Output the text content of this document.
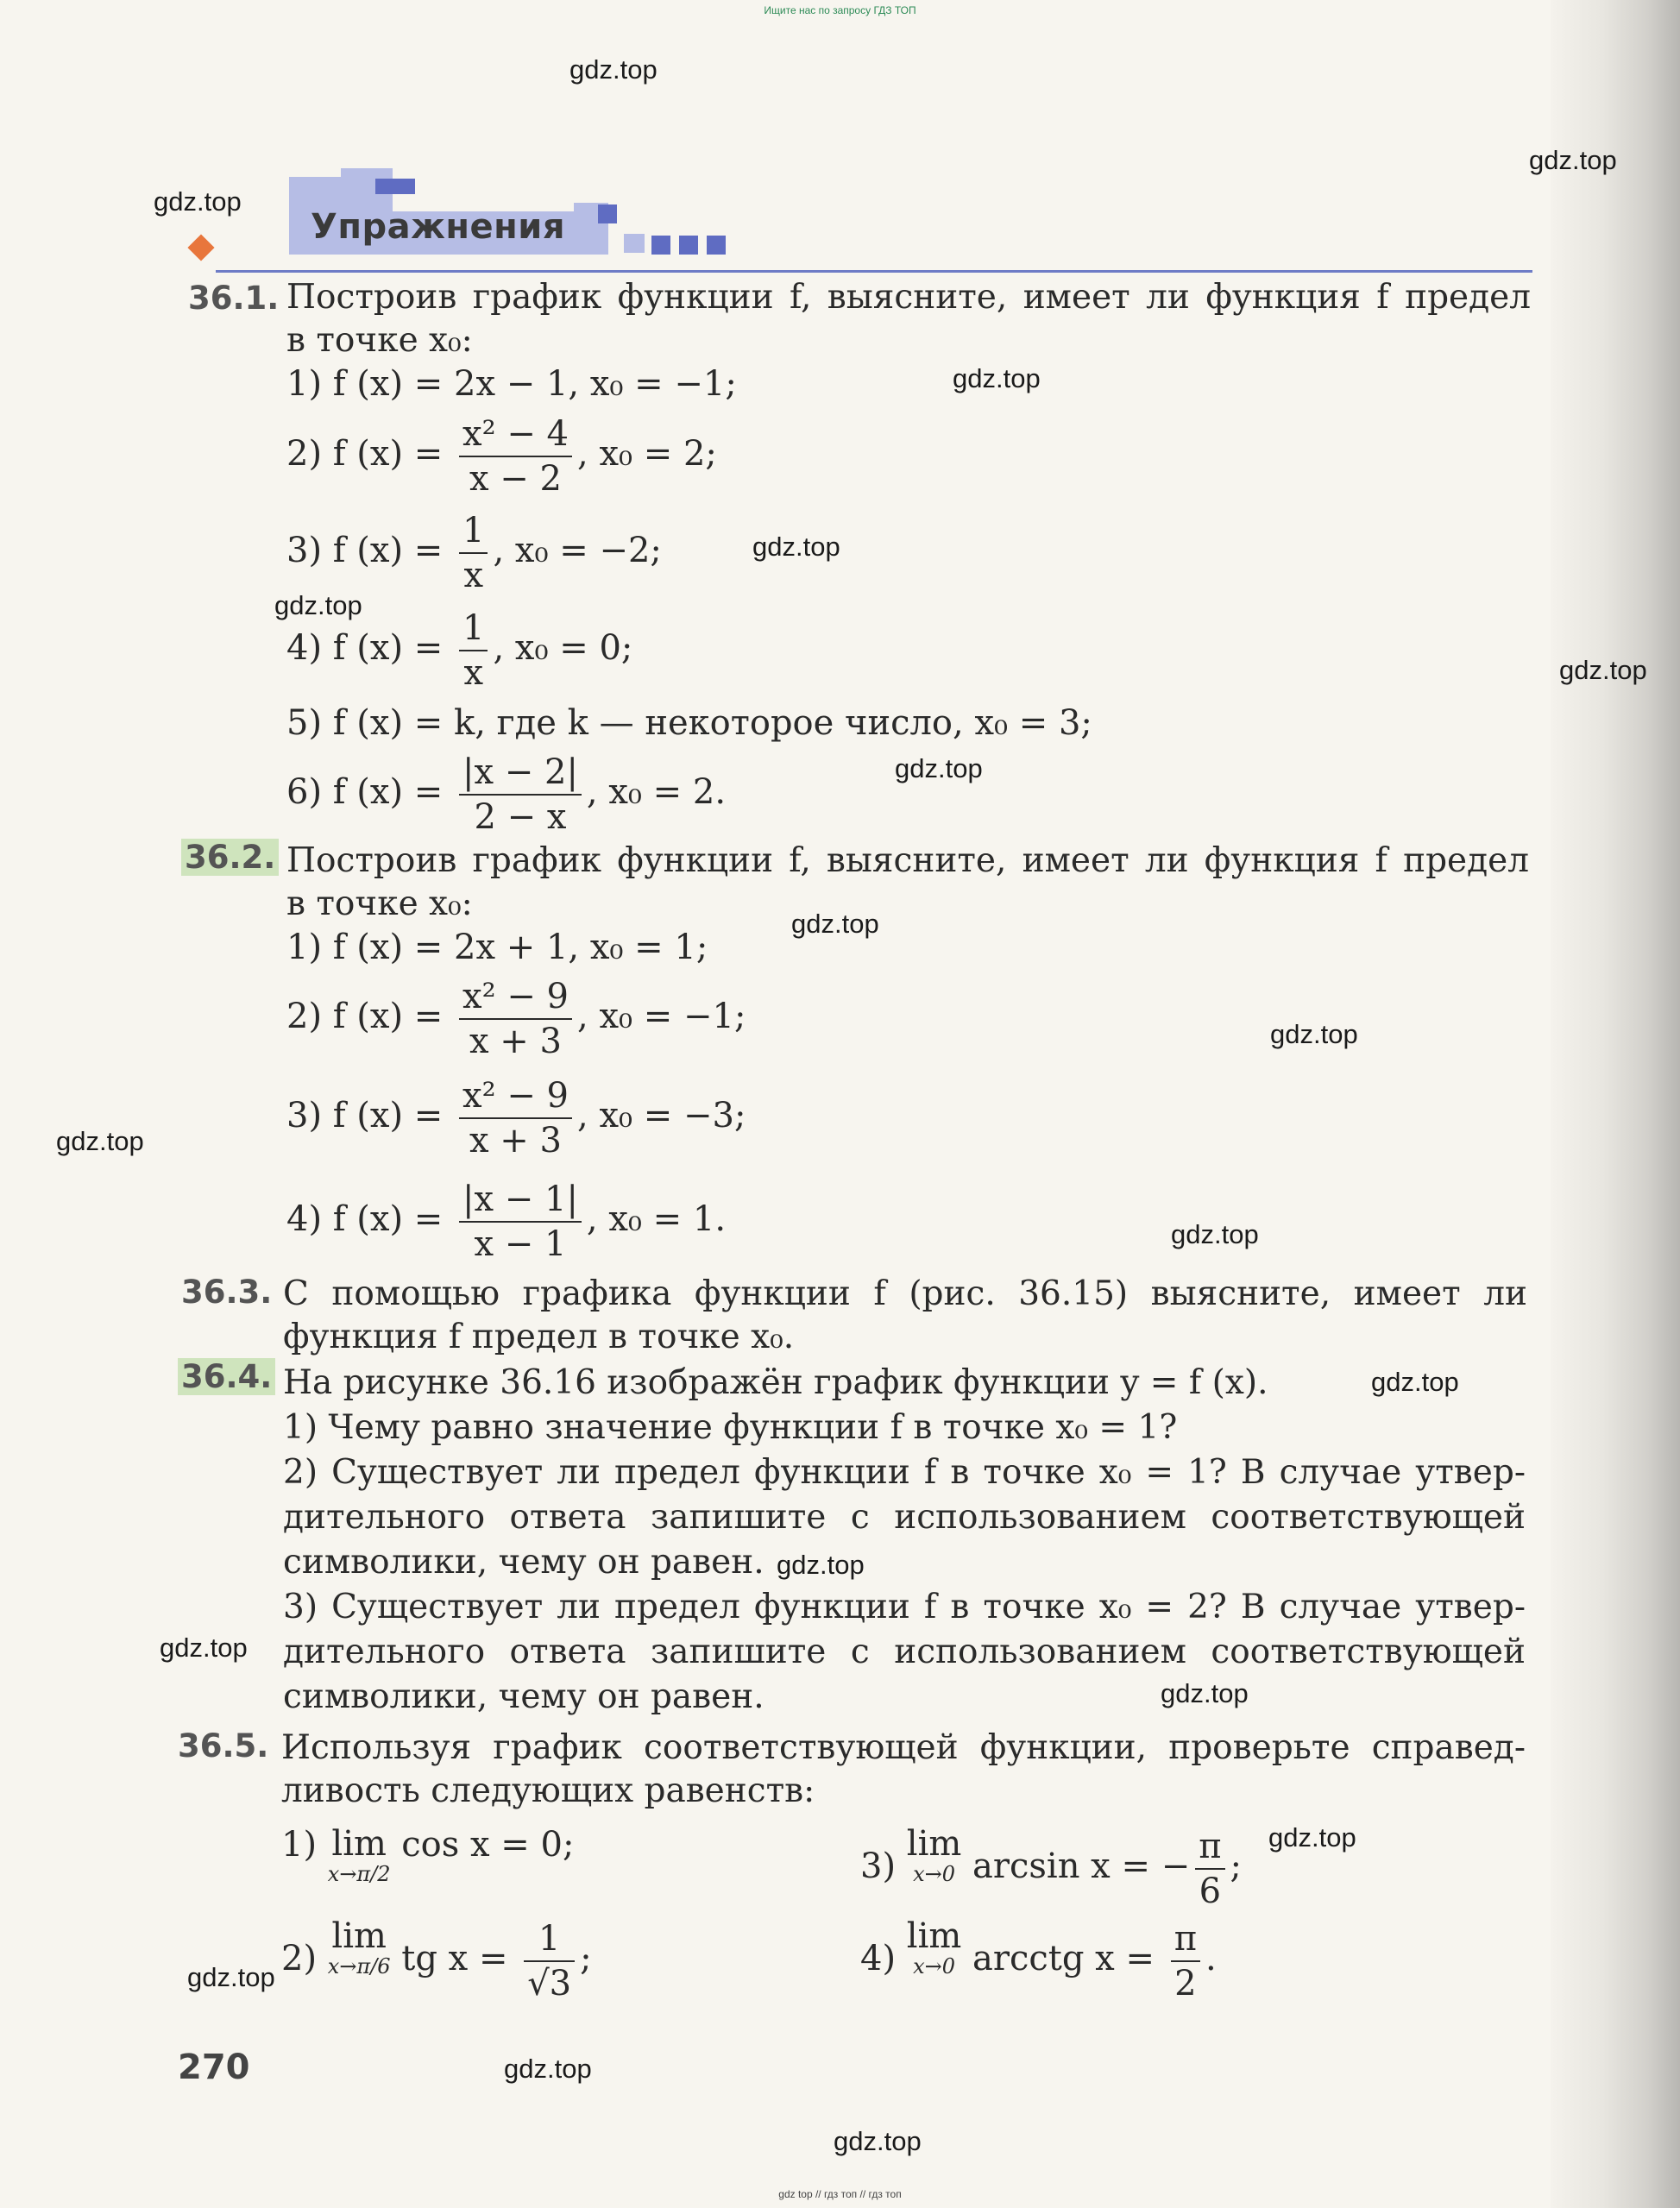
Ищите нас по запросу ГДЗ ТОП
gdz.top
gdz.top
gdz.top
gdz.top
gdz.top
gdz.top
gdz.top
gdz.top
gdz.top
gdz.top
gdz.top
gdz.top
gdz.top
gdz.top
gdz.top
gdz.top
gdz.top
gdz.top
gdz.top
gdz.top
Упражнения
36.1. Построив график функции f, выясните, имеет ли функция f предел
в точке x₀:
1) f (x) = 2x − 1, x₀ = −1;
2) f $(x) = \frac{\text{x² − 4}}{x - 2}$ , x₀ = 2;
3) f $(x) = \frac{1}{x}$ , x₀ = −2;
4) f $(x) = \frac{1}{x}$ , x₀ = 0;
5) f (x) = k, где k — некоторое число, x₀ = 3;
6) f $(x) = \frac{|x - 2|}{2 - x}$ , x₀ = 2.
36.2. Построив график функции f, выясните, имеет ли функция f предел
в точке x₀:
1) f (x) = 2x + 1, x₀ = 1;
2) f $(x) = \frac{\text{x² − 9}}{x + 3}$ , x₀ = −1;
3) f $(x) = \frac{\text{x² − 9}}{x + 3}$ , x₀ = −3;
4) f $(x) = \frac{|x - 1|}{x - 1}$ , x₀ = 1.
36.3. С помощью графика функции f (рис. 36.15) выясните, имеет ли
функция f предел в точке x₀.
36.4. На рисунке 36.16 изображён график функции y = f (x).
1) Чему равно значение функции f в точке x₀ = 1?
2) Существует ли предел функции f в точке x₀ = 1? В случае утвер-
дительного ответа запишите с использованием соответствующей
символики, чему он равен.
3) Существует ли предел функции f в точке x₀ = 2? В случае утвер-
дительного ответа запишите с использованием соответствующей
символики, чему он равен.
36.5. Используя график соответствующей функции, проверьте справед-
ливость следующих равенств:
1) lim
x→π/2
cos x = 0;
2) lim
x→π/6 tg $x = \frac{1}{√3}$ ;
3) lim
x→0 arcsin x = − $\frac{\pi}{6}$ ;
4) lim
x→0 arcctg $x = \frac{\pi}{2}$ .
270
gdz top // гдз топ // гдз топ
